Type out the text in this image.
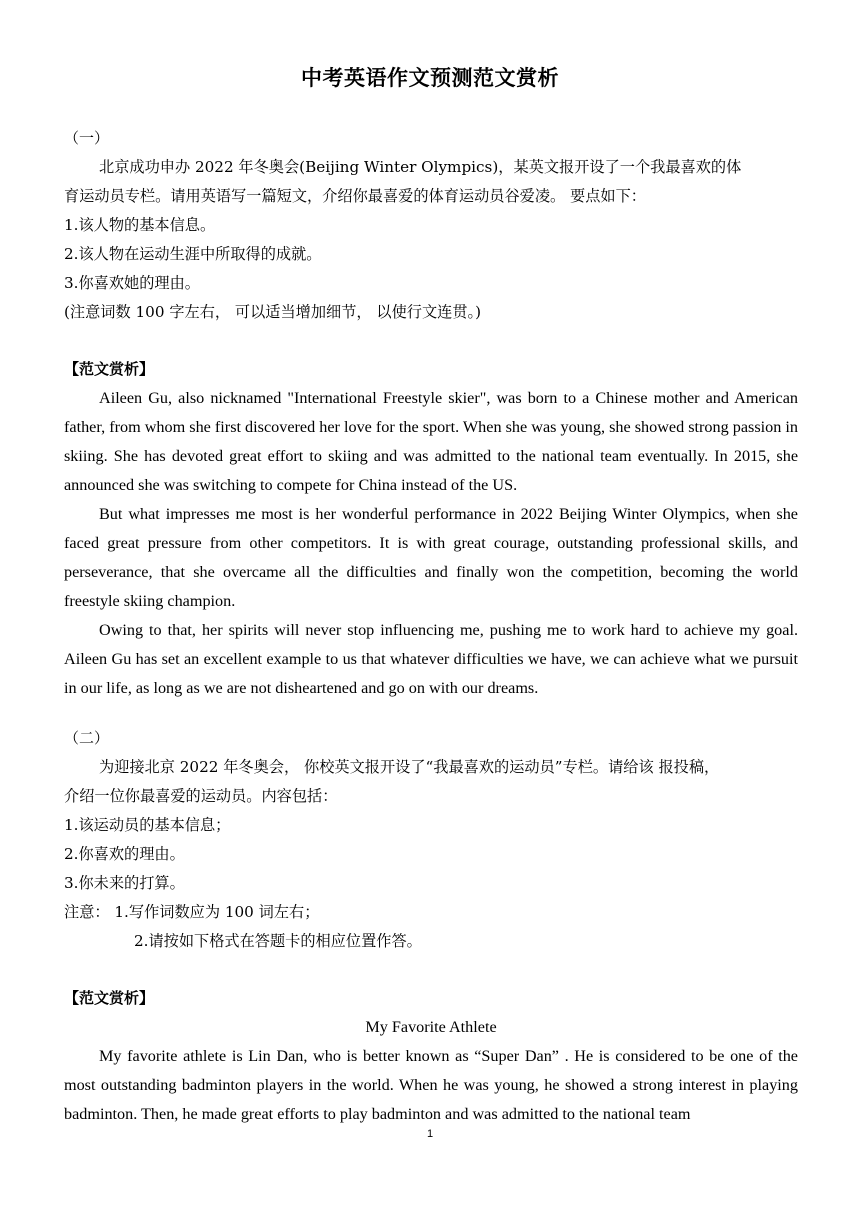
中考英语作文预测范文赏析

（一）

北京成功申办 2022 年冬奥会(Beijing Winter Olympics)，某英文报开设了一个我最喜欢的体

育运动员专栏。请用英语写一篇短文，介绍你最喜爱的体育运动员谷爱凌。 要点如下：

1.该人物的基本信息。

2.该人物在运动生涯中所取得的成就。

3.你喜欢她的理由。

(注意词数 100 字左右， 可以适当增加细节， 以使行文连贯。)

【范文赏析】

Aileen Gu, also nicknamed "International Freestyle skier", was born to a Chinese mother and American father, from whom she first discovered her love for the sport. When she was young, she showed strong passion in skiing. She has devoted great effort to skiing and was admitted to the national team eventually. In 2015, she announced she was switching to compete for China instead of the US.

But what impresses me most is her wonderful performance in 2022 Beijing Winter Olympics, when she faced great pressure from other competitors. It is with great courage, outstanding professional skills, and perseverance, that she overcame all the difficulties and finally won the competition, becoming the world freestyle skiing champion.

Owing to that, her spirits will never stop influencing me, pushing me to work hard to achieve my goal. Aileen Gu has set an excellent example to us that whatever difficulties we have, we can achieve what we pursuit in our life, as long as we are not disheartened and go on with our dreams.

（二）

为迎接北京 2022 年冬奥会， 你校英文报开设了“我最喜欢的运动员”专栏。请给该 报投稿，

介绍一位你最喜爱的运动员。内容包括：

1.该运动员的基本信息；

2.你喜欢的理由。

3.你未来的打算。

注意： 1.写作词数应为 100 词左右；

2.请按如下格式在答题卡的相应位置作答。

【范文赏析】

My Favorite Athlete

My favorite athlete is Lin Dan, who is better known as “Super Dan” . He is considered to be one of the most outstanding badminton players in the world. When he was young, he showed a strong interest in playing badminton. Then, he made great efforts to play badminton and was admitted to the national team

1
